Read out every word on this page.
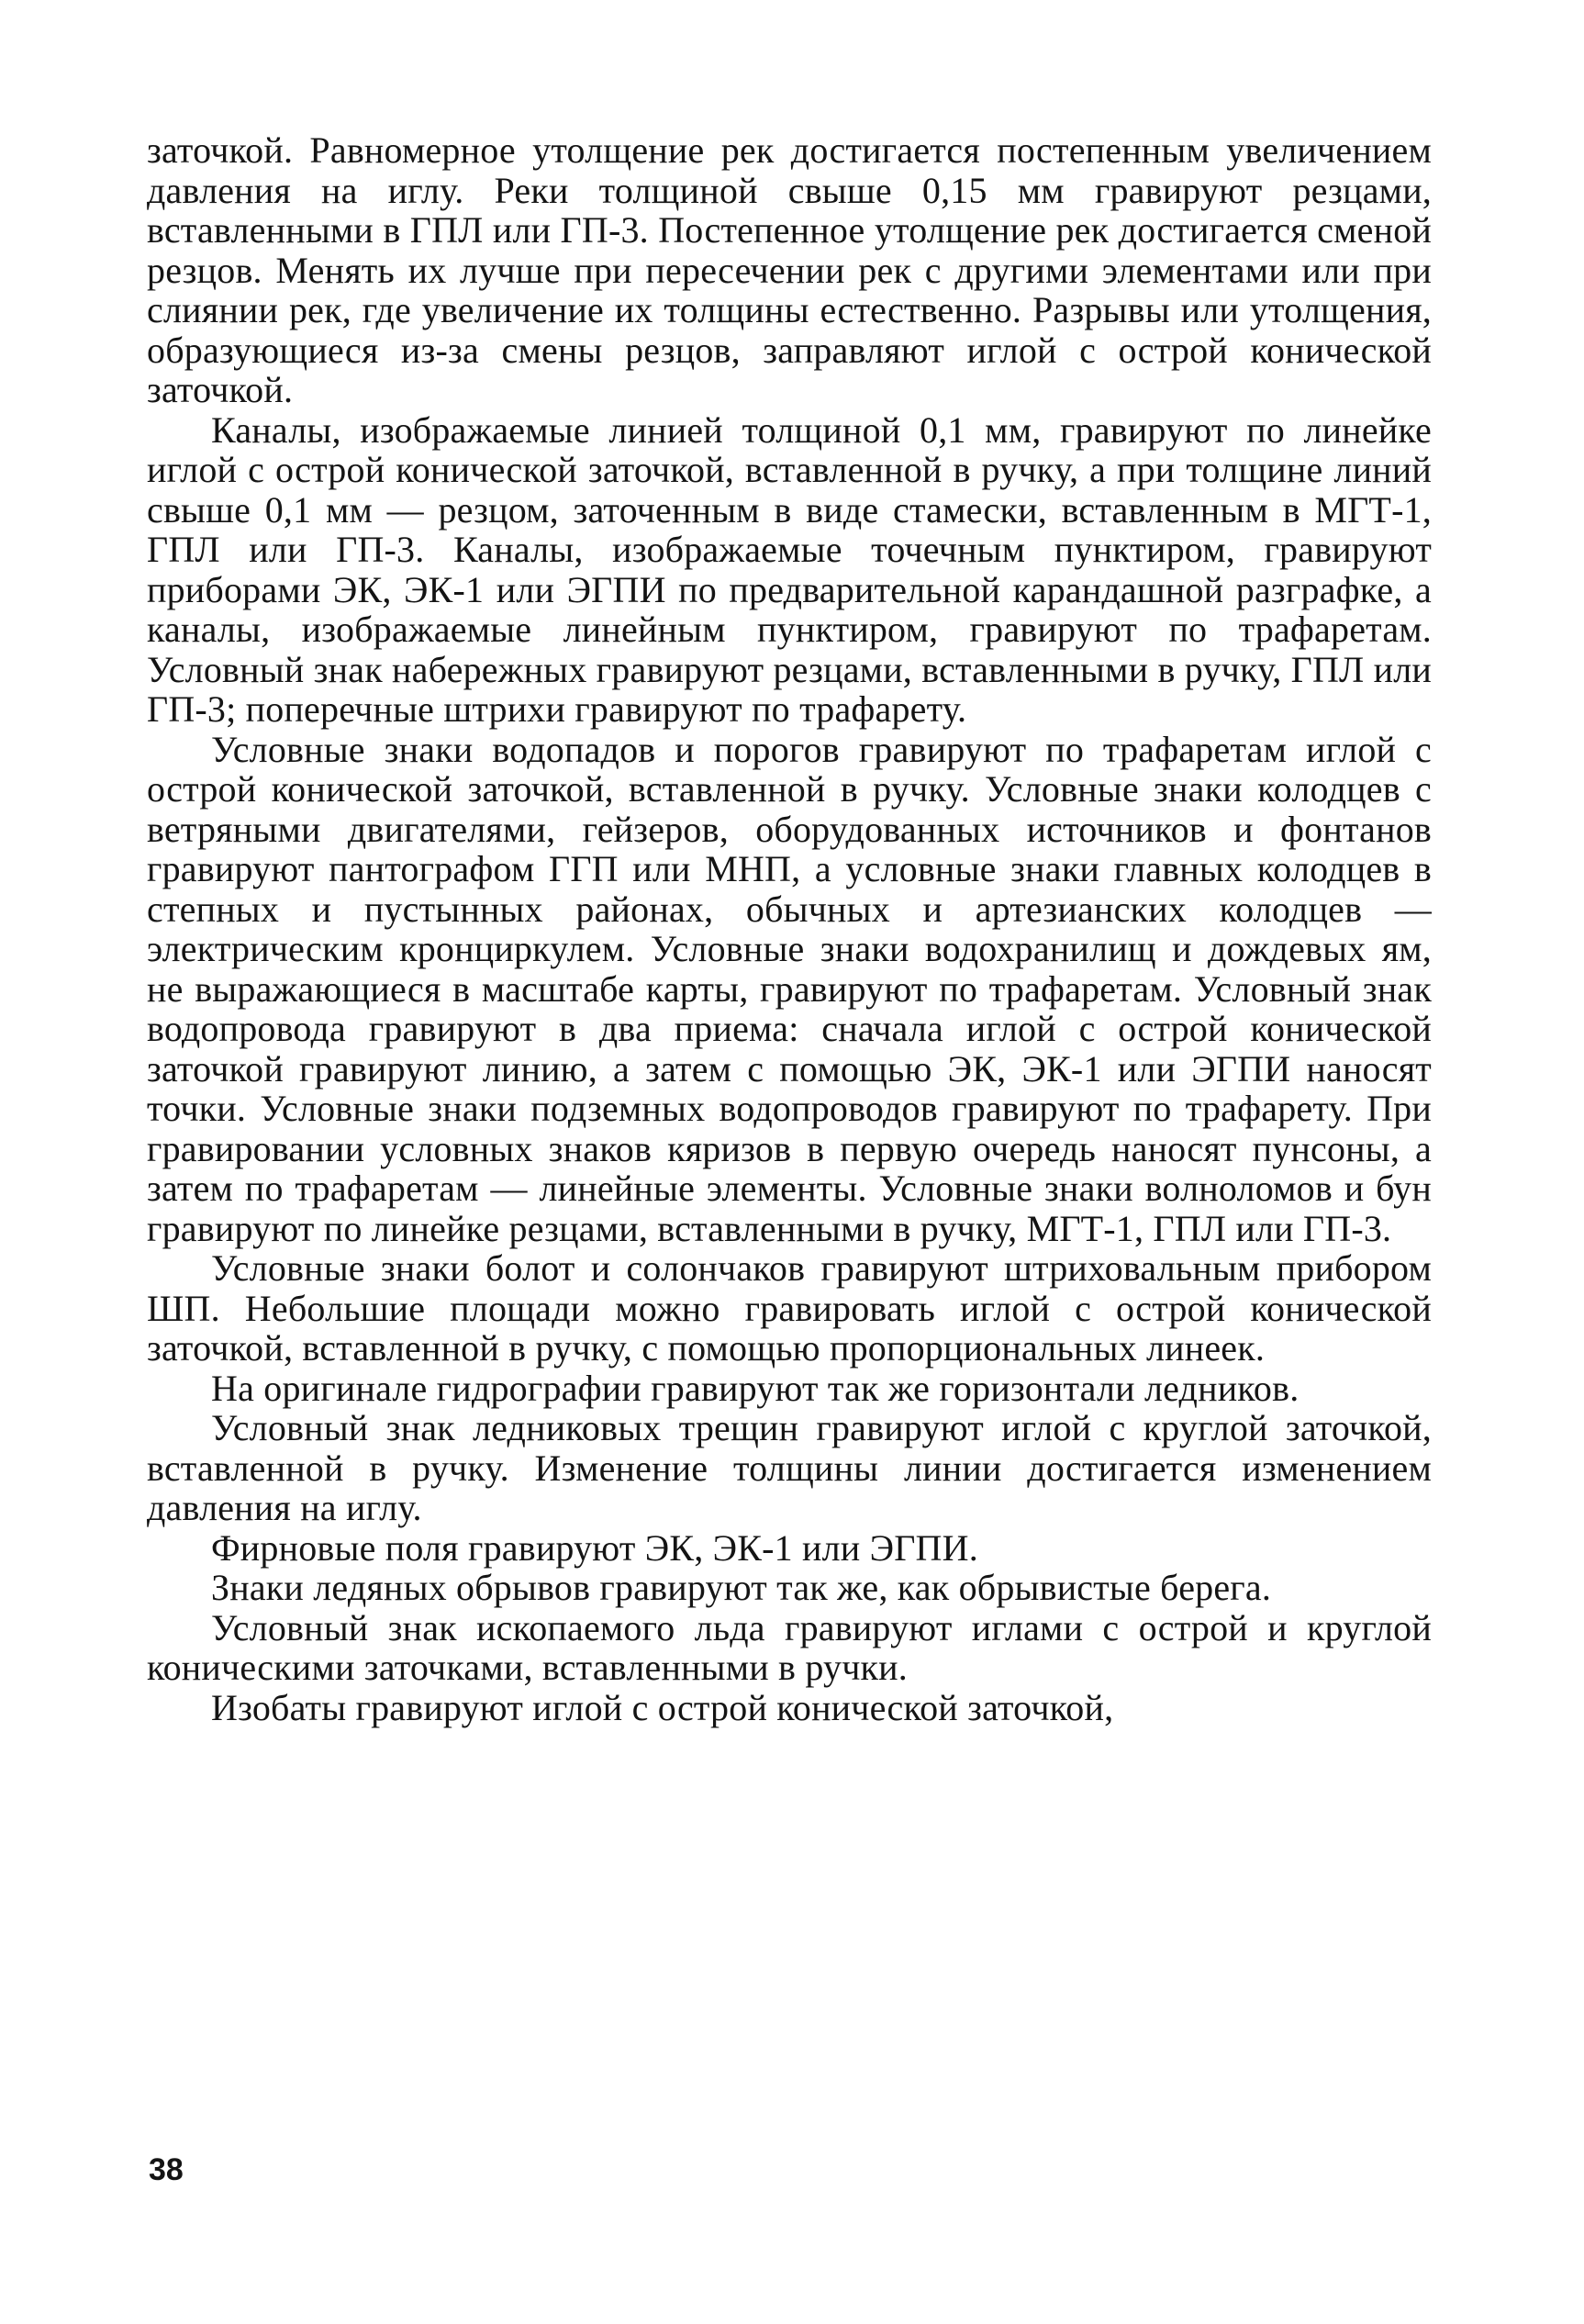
заточкой. Равномерное утолщение рек достигается постепенным увеличением давления на иглу. Реки толщиной свыше 0,15 мм гравируют резцами, вставленными в ГПЛ или ГП-3. Постепенное утолщение рек достигается сменой резцов. Менять их лучше при пересечении рек с другими элементами или при слиянии рек, где увеличение их толщины естественно. Разрывы или утолщения, образующиеся из-за смены резцов, заправляют иглой с острой конической заточкой.

Каналы, изображаемые линией толщиной 0,1 мм, гравируют по линейке иглой с острой конической заточкой, вставленной в ручку, а при толщине линий свыше 0,1 мм — резцом, заточенным в виде стамески, вставленным в МГТ-1, ГПЛ или ГП-3. Каналы, изображаемые точечным пунктиром, гравируют приборами ЭК, ЭК-1 или ЭГПИ по предварительной карандашной разграфке, а каналы, изображаемые линейным пунктиром, гравируют по трафаретам. Условный знак набережных гравируют резцами, вставленными в ручку, ГПЛ или ГП-3; поперечные штрихи гравируют по трафарету.

Условные знаки водопадов и порогов гравируют по трафаретам иглой с острой конической заточкой, вставленной в ручку. Условные знаки колодцев с ветряными двигателями, гейзеров, оборудованных источников и фонтанов гравируют пантографом ГГП или МНП, а условные знаки главных колодцев в степных и пустынных районах, обычных и артезианских колодцев — электрическим кронциркулем. Условные знаки водохранилищ и дождевых ям, не выражающиеся в масштабе карты, гравируют по трафаретам. Условный знак водопровода гравируют в два приема: сначала иглой с острой конической заточкой гравируют линию, а затем с помощью ЭК, ЭК-1 или ЭГПИ наносят точки. Условные знаки подземных водопроводов гравируют по трафарету. При гравировании условных знаков кяризов в первую очередь наносят пунсоны, а затем по трафаретам — линейные элементы. Условные знаки волноломов и бун гравируют по линейке резцами, вставленными в ручку, МГТ-1, ГПЛ или ГП-3.

Условные знаки болот и солончаков гравируют штриховальным прибором ШП. Небольшие площади можно гравировать иглой с острой конической заточкой, вставленной в ручку, с помощью пропорциональных линеек.

На оригинале гидрографии гравируют так же горизонтали ледников.

Условный знак ледниковых трещин гравируют иглой с круглой заточкой, вставленной в ручку. Изменение толщины линии достигается изменением давления на иглу.

Фирновые поля гравируют ЭК, ЭК-1 или ЭГПИ.

Знаки ледяных обрывов гравируют так же, как обрывистые берега.

Условный знак ископаемого льда гравируют иглами с острой и круглой коническими заточками, вставленными в ручки.

Изобаты гравируют иглой с острой конической заточкой,

38
